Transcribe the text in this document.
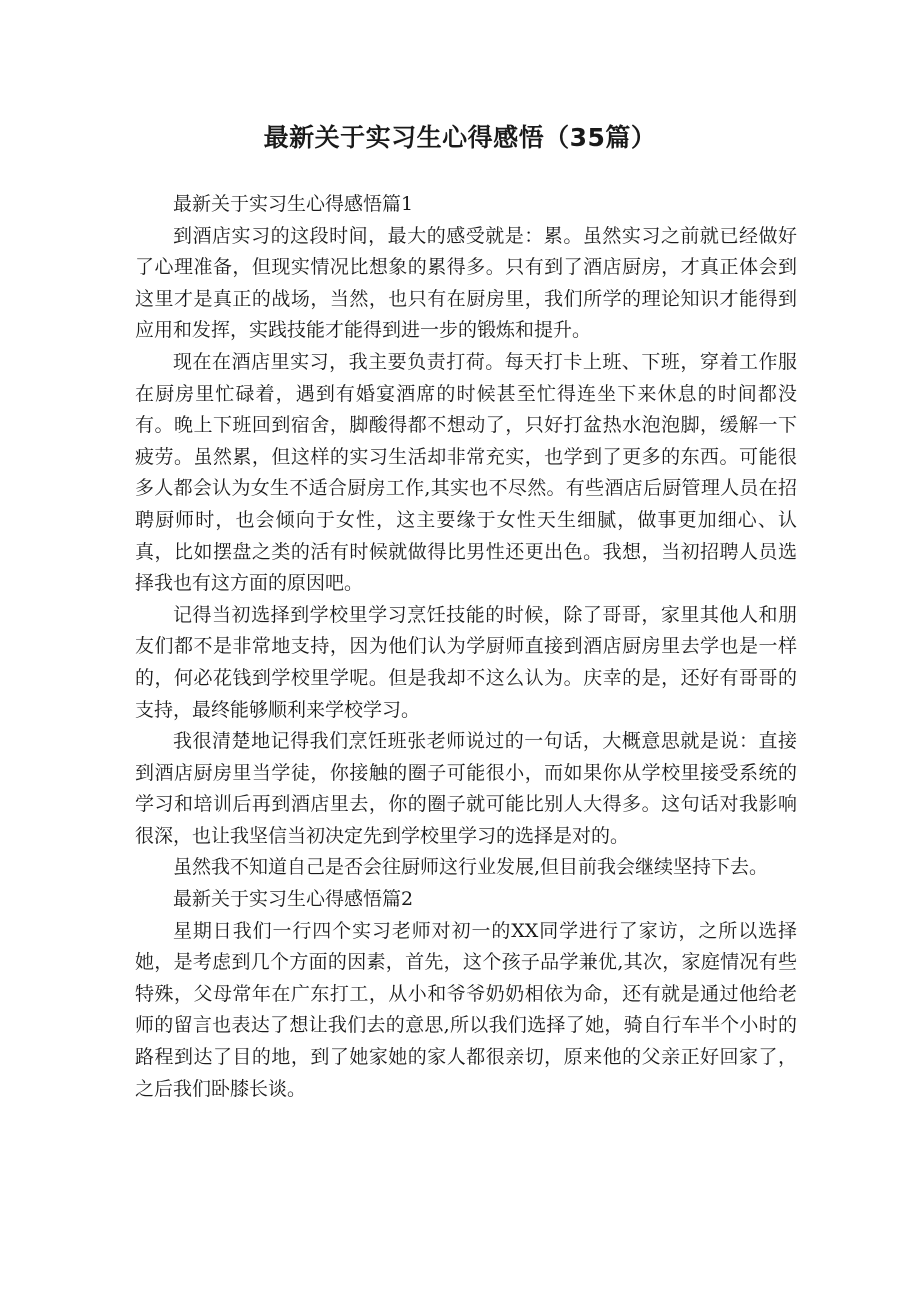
最新关于实习生心得感悟（35篇）

最新关于实习生心得感悟篇1

到酒店实习的这段时间，最大的感受就是：累。虽然实习之前就已经做好了心理准备，但现实情况比想象的累得多。只有到了酒店厨房，才真正体会到这里才是真正的战场，当然，也只有在厨房里，我们所学的理论知识才能得到应用和发挥，实践技能才能得到进一步的锻炼和提升。

现在在酒店里实习，我主要负责打荷。每天打卡上班、下班，穿着工作服在厨房里忙碌着，遇到有婚宴酒席的时候甚至忙得连坐下来休息的时间都没有。晚上下班回到宿舍，脚酸得都不想动了，只好打盆热水泡泡脚，缓解一下疲劳。虽然累，但这样的实习生活却非常充实，也学到了更多的东西。可能很多人都会认为女生不适合厨房工作,其实也不尽然。有些酒店后厨管理人员在招聘厨师时，也会倾向于女性，这主要缘于女性天生细腻，做事更加细心、认真，比如摆盘之类的活有时候就做得比男性还更出色。我想，当初招聘人员选择我也有这方面的原因吧。

记得当初选择到学校里学习烹饪技能的时候，除了哥哥，家里其他人和朋友们都不是非常地支持，因为他们认为学厨师直接到酒店厨房里去学也是一样的，何必花钱到学校里学呢。但是我却不这么认为。庆幸的是，还好有哥哥的支持，最终能够顺利来学校学习。

我很清楚地记得我们烹饪班张老师说过的一句话，大概意思就是说：直接到酒店厨房里当学徒，你接触的圈子可能很小，而如果你从学校里接受系统的学习和培训后再到酒店里去，你的圈子就可能比别人大得多。这句话对我影响很深，也让我坚信当初决定先到学校里学习的选择是对的。

虽然我不知道自己是否会往厨师这行业发展,但目前我会继续坚持下去。

最新关于实习生心得感悟篇2

星期日我们一行四个实习老师对初一的XX同学进行了家访，之所以选择她，是考虑到几个方面的因素，首先，这个孩子品学兼优,其次，家庭情况有些特殊，父母常年在广东打工，从小和爷爷奶奶相依为命，还有就是通过他给老师的留言也表达了想让我们去的意思,所以我们选择了她，骑自行车半个小时的路程到达了目的地，到了她家她的家人都很亲切，原来他的父亲正好回家了，之后我们卧膝长谈。
